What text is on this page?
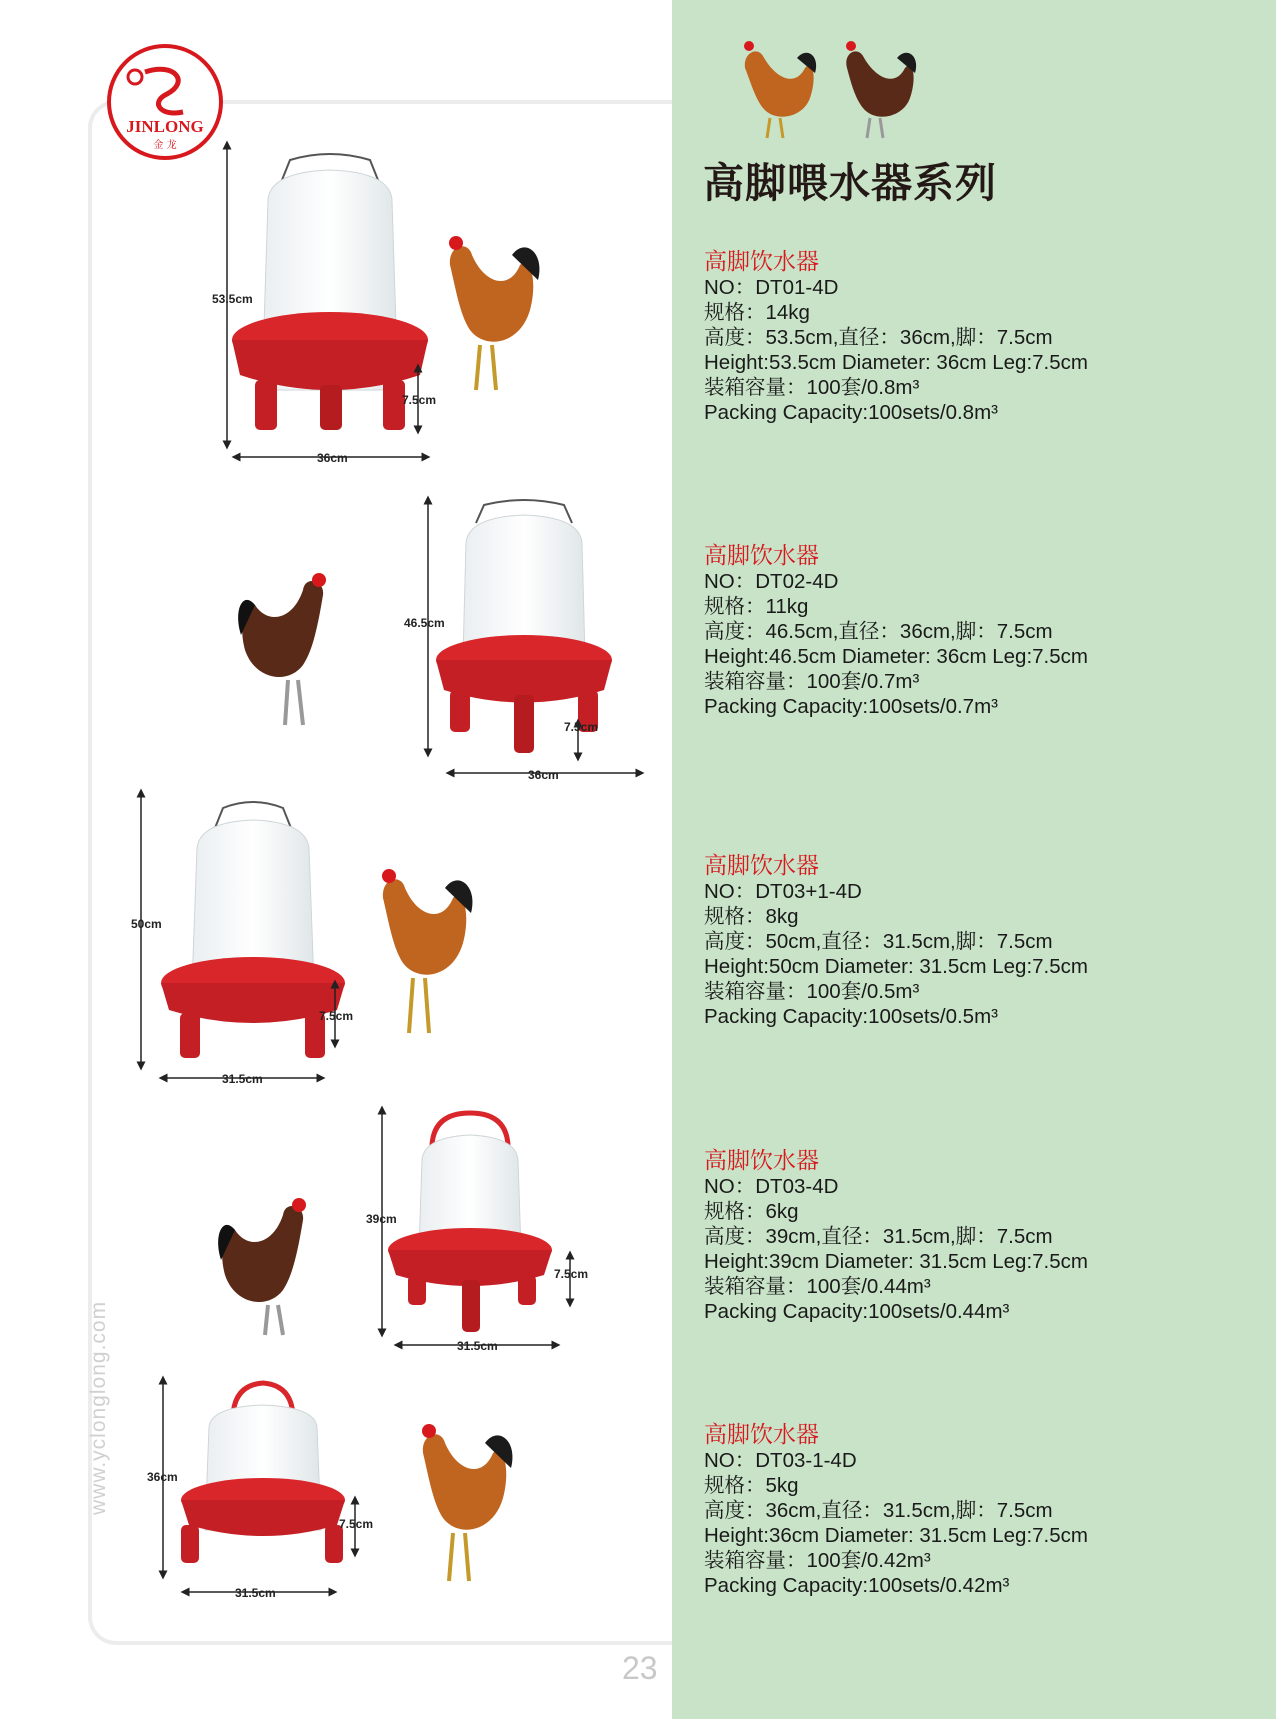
JINLONG
金 龙
高脚喂水器系列
高脚饮水器
NO：DT01-4D
规格：14kg
高度：53.5cm,直径：36cm,脚：7.5cm
Height:53.5cm Diameter: 36cm Leg:7.5cm
装箱容量：100套/0.8m³
Packing Capacity:100sets/0.8m³
高脚饮水器
NO：DT02-4D
规格：11kg
高度：46.5cm,直径：36cm,脚：7.5cm
Height:46.5cm Diameter: 36cm Leg:7.5cm
装箱容量：100套/0.7m³
Packing Capacity:100sets/0.7m³
高脚饮水器
NO：DT03+1-4D
规格：8kg
高度：50cm,直径：31.5cm,脚：7.5cm
Height:50cm Diameter: 31.5cm Leg:7.5cm
装箱容量：100套/0.5m³
Packing Capacity:100sets/0.5m³
高脚饮水器
NO：DT03-4D
规格：6kg
高度：39cm,直径：31.5cm,脚：7.5cm
Height:39cm Diameter: 31.5cm Leg:7.5cm
装箱容量：100套/0.44m³
Packing Capacity:100sets/0.44m³
高脚饮水器
NO：DT03-1-4D
规格：5kg
高度：36cm,直径：31.5cm,脚：7.5cm
Height:36cm Diameter: 31.5cm Leg:7.5cm
装箱容量：100套/0.42m³
Packing Capacity:100sets/0.42m³
53.5cm
7.5cm
36cm
46.5cm
7.5cm
36cm
50cm
7.5cm
31.5cm
39cm
7.5cm
31.5cm
36cm
7.5cm
31.5cm
www.yclonglong.com
23
